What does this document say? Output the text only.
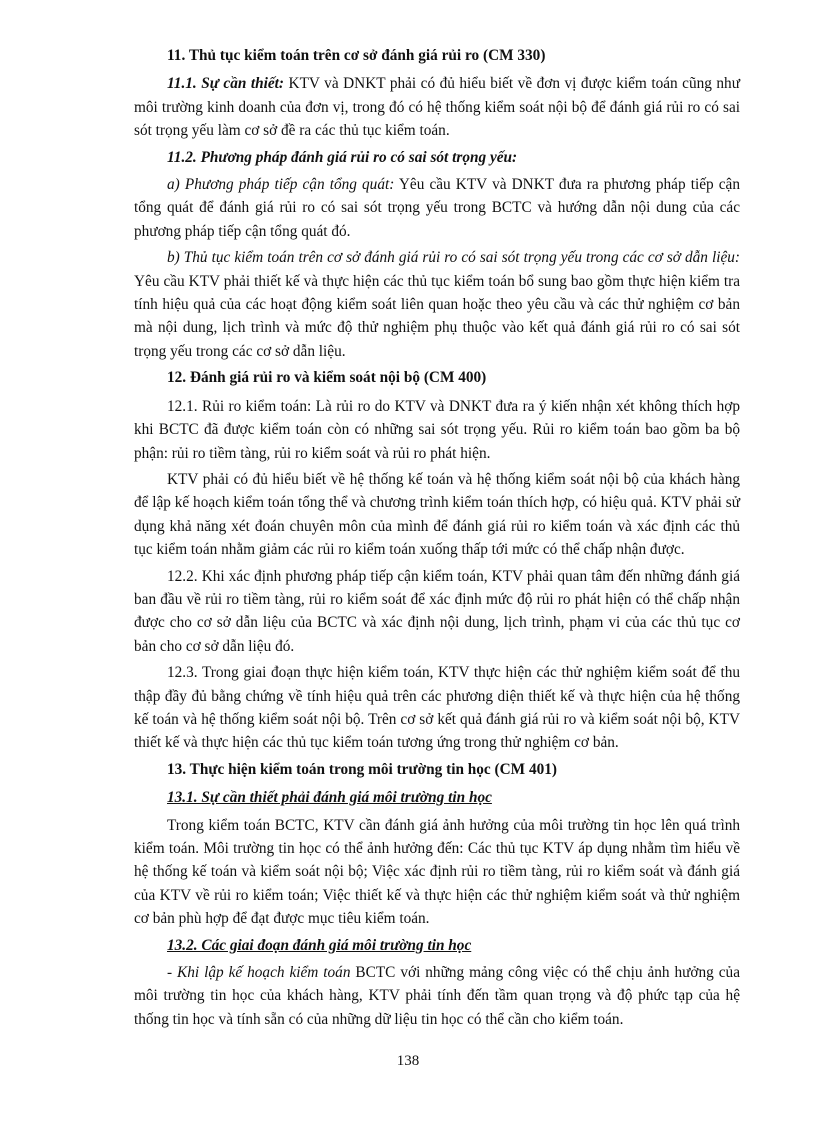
11. Thủ tục kiểm toán trên cơ sở đánh giá rủi ro (CM 330)

11.1. Sự cần thiết: KTV và DNKT phải có đủ hiểu biết về đơn vị được kiểm toán cũng như môi trường kinh doanh của đơn vị, trong đó có hệ thống kiểm soát nội bộ để đánh giá rủi ro có sai sót trọng yếu làm cơ sở đề ra các thủ tục kiểm toán.

11.2. Phương pháp đánh giá rủi ro có sai sót trọng yếu:

a) Phương pháp tiếp cận tổng quát: Yêu cầu KTV và DNKT đưa ra phương pháp tiếp cận tổng quát để đánh giá rủi ro có sai sót trọng yếu trong BCTC và hướng dẫn nội dung của các phương pháp tiếp cận tổng quát đó.

b) Thủ tục kiểm toán trên cơ sở đánh giá rủi ro có sai sót trọng yếu trong các cơ sở dẫn liệu: Yêu cầu KTV phải thiết kế và thực hiện các thủ tục kiểm toán bổ sung bao gồm thực hiện kiểm tra tính hiệu quả của các hoạt động kiểm soát liên quan hoặc theo yêu cầu và các thử nghiệm cơ bản mà nội dung, lịch trình và mức độ thử nghiệm phụ thuộc vào kết quả đánh giá rủi ro có sai sót trọng yếu trong các cơ sở dẫn liệu.

12. Đánh giá rủi ro và kiểm soát nội bộ (CM 400)

12.1. Rủi ro kiểm toán: Là rủi ro do KTV và DNKT đưa ra ý kiến nhận xét không thích hợp khi BCTC đã được kiểm toán còn có những sai sót trọng yếu. Rủi ro kiểm toán bao gồm ba bộ phận: rủi ro tiềm tàng, rủi ro kiểm soát và rủi ro phát hiện.

KTV phải có đủ hiểu biết về hệ thống kế toán và hệ thống kiểm soát nội bộ của khách hàng để lập kế hoạch kiểm toán tổng thể và chương trình kiểm toán thích hợp, có hiệu quả. KTV phải sử dụng khả năng xét đoán chuyên môn của mình để đánh giá rủi ro kiểm toán và xác định các thủ tục kiểm toán nhằm giảm các rủi ro kiểm toán xuống thấp tới mức có thể chấp nhận được.

12.2. Khi xác định phương pháp tiếp cận kiểm toán, KTV phải quan tâm đến những đánh giá ban đầu về rủi ro tiềm tàng, rủi ro kiểm soát để xác định mức độ rủi ro phát hiện có thể chấp nhận được cho cơ sở dẫn liệu của BCTC và xác định nội dung, lịch trình, phạm vi của các thủ tục cơ bản cho cơ sở dẫn liệu đó.

12.3. Trong giai đoạn thực hiện kiểm toán, KTV thực hiện các thử nghiệm kiểm soát để thu thập đầy đủ bằng chứng về tính hiệu quả trên các phương diện thiết kế và thực hiện của hệ thống kế toán và hệ thống kiểm soát nội bộ. Trên cơ sở kết quả đánh giá rủi ro và kiểm soát nội bộ, KTV thiết kế và thực hiện các thủ tục kiểm toán tương ứng trong thử nghiệm cơ bản.

13. Thực hiện kiểm toán trong môi trường tin học (CM 401)

13.1. Sự cần thiết phải đánh giá môi trường tin học

Trong kiểm toán BCTC, KTV cần đánh giá ảnh hưởng của môi trường tin học lên quá trình kiểm toán. Môi trường tin học có thể ảnh hưởng đến: Các thủ tục KTV áp dụng nhằm tìm hiểu về hệ thống kế toán và kiểm soát nội bộ; Việc xác định rủi ro tiềm tàng, rủi ro kiểm soát và đánh giá của KTV về rủi ro kiểm toán; Việc thiết kế và thực hiện các thử nghiệm kiểm soát và thử nghiệm cơ bản phù hợp để đạt được mục tiêu kiểm toán.

13.2. Các giai đoạn đánh giá môi trường tin học

- Khi lập kế hoạch kiểm toán BCTC với những mảng công việc có thể chịu ảnh hưởng của môi trường tin học của khách hàng, KTV phải tính đến tầm quan trọng và độ phức tạp của hệ thống tin học và tính sẵn có của những dữ liệu tin học có thể cần cho kiểm toán.

138
